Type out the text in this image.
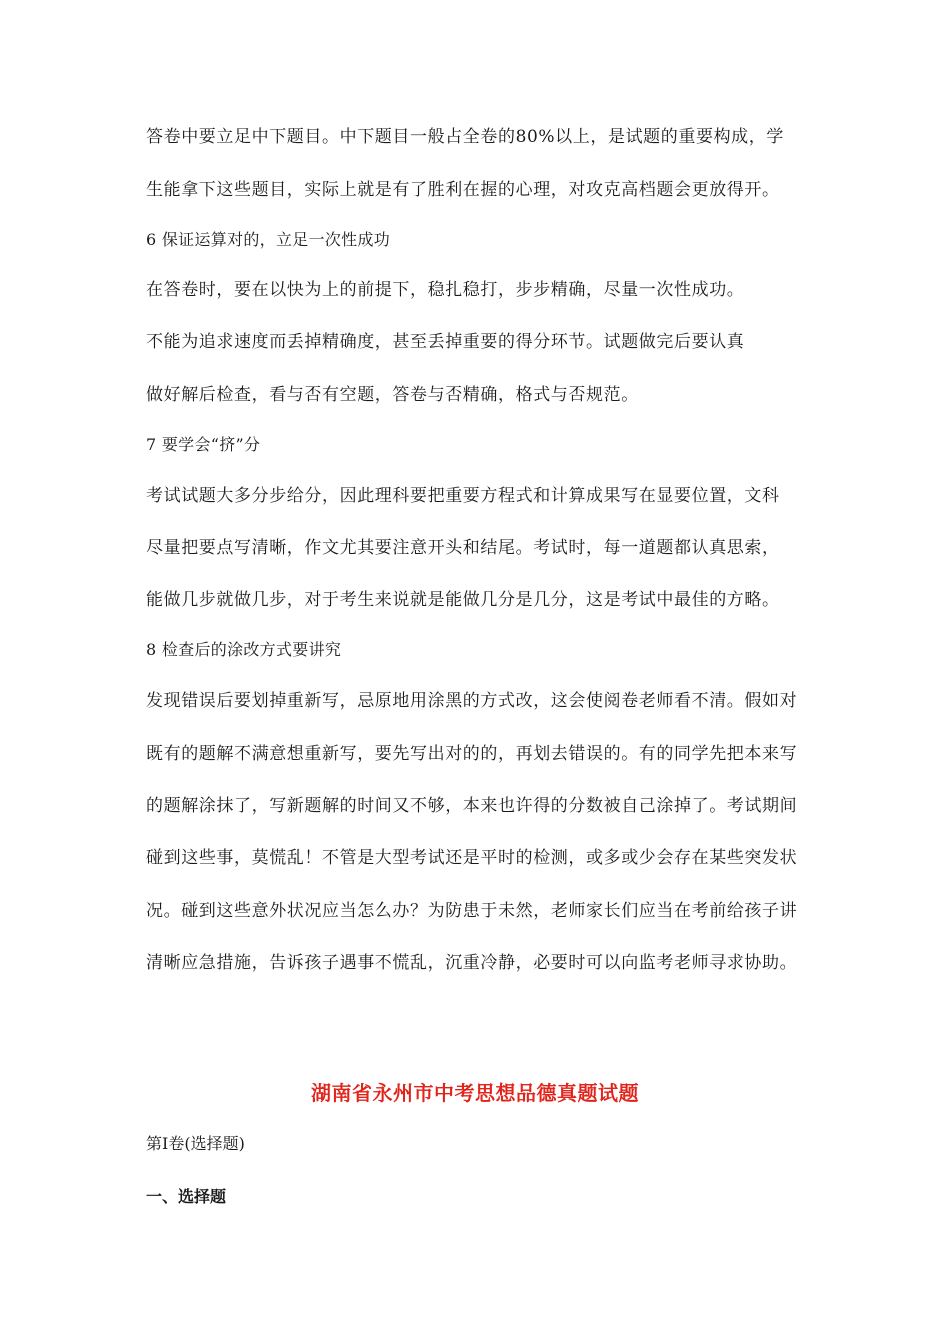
答卷中要立足中下题目。中下题目一般占全卷的80%以上，是试题的重要构成，学
生能拿下这些题目，实际上就是有了胜利在握的心理，对攻克高档题会更放得开。
6 保证运算对的，立足一次性成功
在答卷时，要在以快为上的前提下，稳扎稳打，步步精确，尽量一次性成功。
不能为追求速度而丢掉精确度，甚至丢掉重要的得分环节。试题做完后要认真
做好解后检查，看与否有空题，答卷与否精确，格式与否规范。
7 要学会“挤”分
考试试题大多分步给分，因此理科要把重要方程式和计算成果写在显要位置，文科
尽量把要点写清晰，作文尤其要注意开头和结尾。考试时，每一道题都认真思索，
能做几步就做几步，对于考生来说就是能做几分是几分，这是考试中最佳的方略。
8 检查后的涂改方式要讲究
发现错误后要划掉重新写，忌原地用涂黑的方式改，这会使阅卷老师看不清。假如对
既有的题解不满意想重新写，要先写出对的的，再划去错误的。有的同学先把本来写
的题解涂抹了，写新题解的时间又不够，本来也许得的分数被自己涂掉了。考试期间
碰到这些事，莫慌乱！不管是大型考试还是平时的检测，或多或少会存在某些突发状
况。碰到这些意外状况应当怎么办？为防患于未然，老师家长们应当在考前给孩子讲
清晰应急措施，告诉孩子遇事不慌乱，沉重冷静，必要时可以向监考老师寻求协助。
湖南省永州市中考思想品德真题试题
第Ⅰ卷(选择题)
一、选择题
